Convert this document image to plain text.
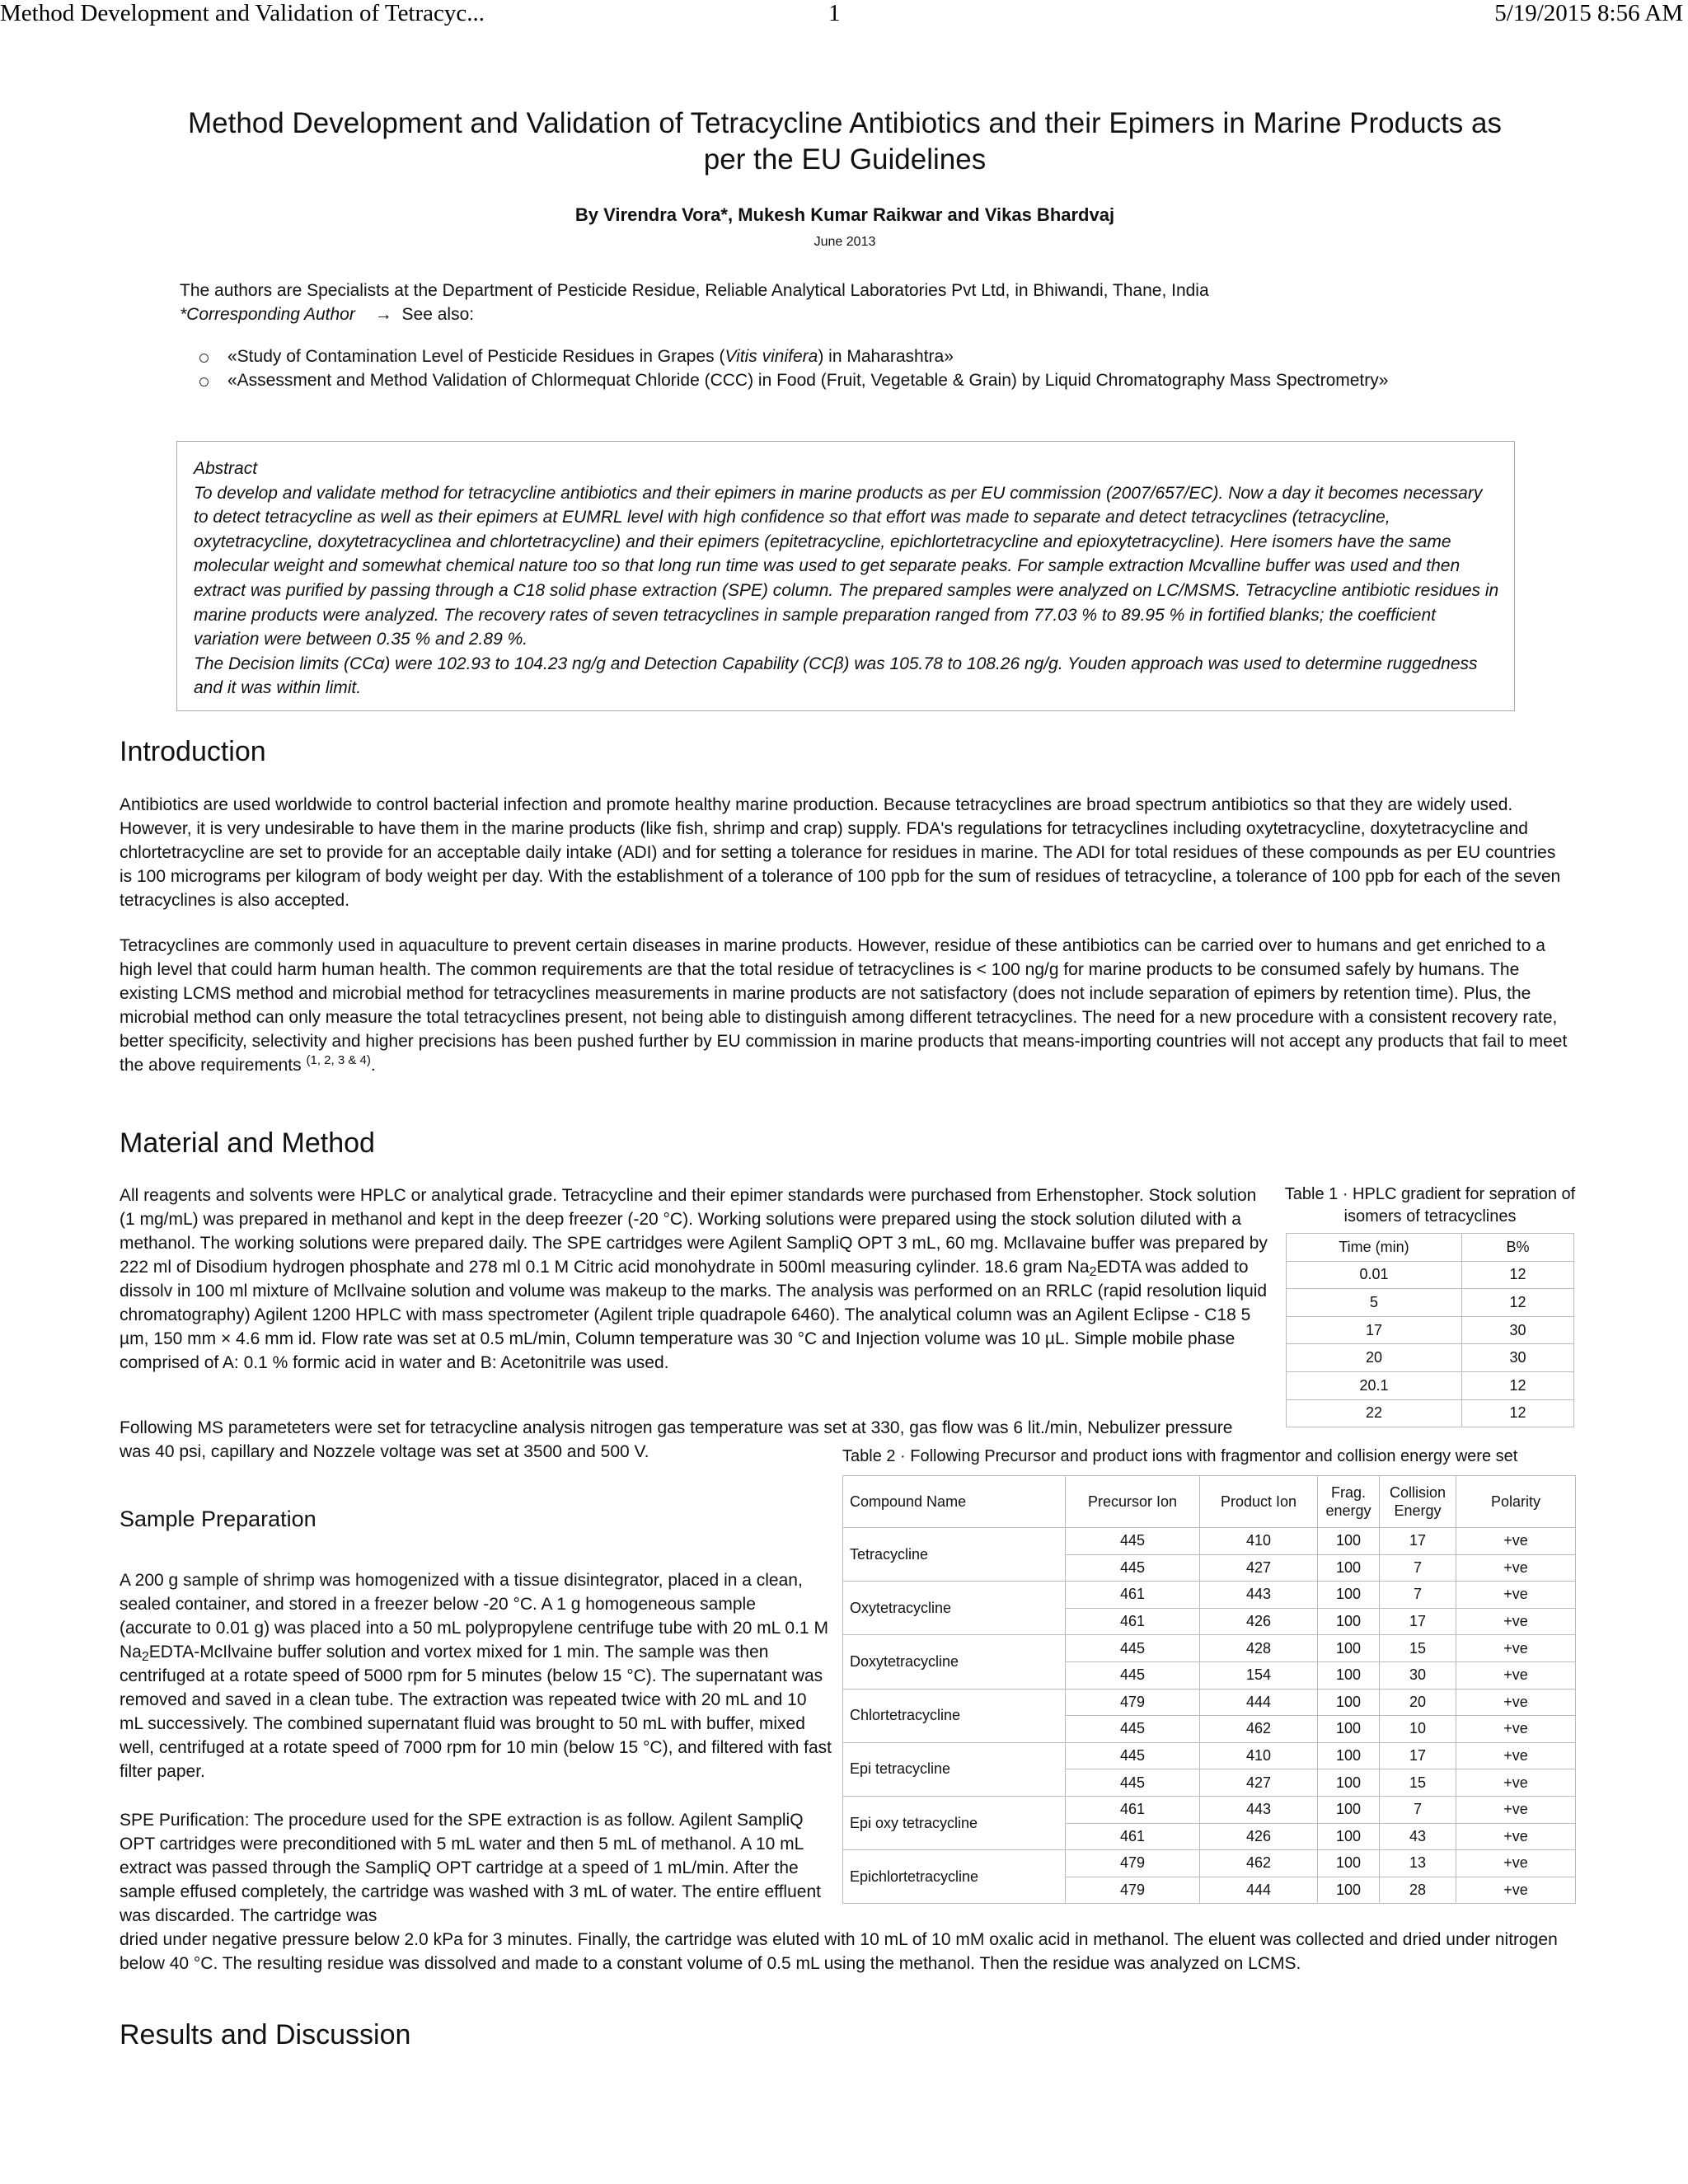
Method Development and Validation of Tetracyc...	1	5/19/2015 8:56 AM
Method Development and Validation of Tetracycline Antibiotics and their Epimers in Marine Products as per the EU Guidelines
By Virendra Vora*, Mukesh Kumar Raikwar and Vikas Bhardvaj
June 2013
The authors are Specialists at the Department of Pesticide Residue, Reliable Analytical Laboratories Pvt Ltd, in Bhiwandi, Thane, India
*Corresponding Author → See also:
«Study of Contamination Level of Pesticide Residues in Grapes (Vitis vinifera) in Maharashtra»
«Assessment and Method Validation of Chlormequat Chloride (CCC) in Food (Fruit, Vegetable & Grain) by Liquid Chromatography Mass Spectrometry»
Abstract
To develop and validate method for tetracycline antibiotics and their epimers in marine products as per EU commission (2007/657/EC). Now a day it becomes necessary to detect tetracycline as well as their epimers at EUMRL level with high confidence so that effort was made to separate and detect tetracyclines (tetracycline, oxytetracycline, doxytetracyclinea and chlortetracycline) and their epimers (epitetracycline, epichlortetracycline and epioxytetracycline). Here isomers have the same molecular weight and somewhat chemical nature too so that long run time was used to get separate peaks. For sample extraction Mcvalline buffer was used and then extract was purified by passing through a C18 solid phase extraction (SPE) column. The prepared samples were analyzed on LC/MSMS. Tetracycline antibiotic residues in marine products were analyzed. The recovery rates of seven tetracyclines in sample preparation ranged from 77.03 % to 89.95 % in fortified blanks; the coefficient variation were between 0.35 % and 2.89 %.
The Decision limits (CCα) were 102.93 to 104.23 ng/g and Detection Capability (CCβ) was 105.78 to 108.26 ng/g. Youden approach was used to determine ruggedness and it was within limit.
Introduction
Antibiotics are used worldwide to control bacterial infection and promote healthy marine production. Because tetracyclines are broad spectrum antibiotics so that they are widely used. However, it is very undesirable to have them in the marine products (like fish, shrimp and crap) supply. FDA's regulations for tetracyclines including oxytetracycline, doxytetracycline and chlortetracycline are set to provide for an acceptable daily intake (ADI) and for setting a tolerance for residues in marine. The ADI for total residues of these compounds as per EU countries is 100 micrograms per kilogram of body weight per day. With the establishment of a tolerance of 100 ppb for the sum of residues of tetracycline, a tolerance of 100 ppb for each of the seven tetracyclines is also accepted.
Tetracyclines are commonly used in aquaculture to prevent certain diseases in marine products. However, residue of these antibiotics can be carried over to humans and get enriched to a high level that could harm human health. The common requirements are that the total residue of tetracyclines is < 100 ng/g for marine products to be consumed safely by humans. The existing LCMS method and microbial method for tetracyclines measurements in marine products are not satisfactory (does not include separation of epimers by retention time). Plus, the microbial method can only measure the total tetracyclines present, not being able to distinguish among different tetracyclines. The need for a new procedure with a consistent recovery rate, better specificity, selectivity and higher precisions has been pushed further by EU commission in marine products that means-importing countries will not accept any products that fail to meet the above requirements $^{(1, 2, 3 \& 4)}$.
Material and Method
All reagents and solvents were HPLC or analytical grade. Tetracycline and their epimer standards were purchased from Erhenstopher. Stock solution (1 mg/mL) was prepared in methanol and kept in the deep freezer (-20 °C). Working solutions were prepared using the stock solution diluted with a methanol. The working solutions were prepared daily. The SPE cartridges were Agilent SampliQ OPT 3 mL, 60 mg. McIlavaine buffer was prepared by 222 ml of Disodium hydrogen phosphate and 278 ml 0.1 M Citric acid monohydrate in 500ml measuring cylinder. 18.6 gram $Na_2EDTA$ was added to dissolv in 100 ml mixture of McIlvaine solution and volume was makeup to the marks. The analysis was performed on an RRLC (rapid resolution liquid chromatography) Agilent 1200 HPLC with mass spectrometer (Agilent triple quadrapole 6460). The analytical column was an Agilent Eclipse - C18 5 µm, 150 mm × 4.6 mm id. Flow rate was set at 0.5 mL/min, Column temperature was 30 °C and Injection volume was 10 µL. Simple mobile phase comprised of A: 0.1 % formic acid in water and B: Acetonitrile was used.
Following MS parameteters were set for tetracycline analysis nitrogen gas temperature was set at 330, gas flow was 6 lit./min, Nebulizer pressure was 40 psi, capillary and Nozzele voltage was set at 3500 and 500 V.
Sample Preparation
A 200 g sample of shrimp was homogenized with a tissue disintegrator, placed in a clean, sealed container, and stored in a freezer below -20 °C. A 1 g homogeneous sample (accurate to 0.01 g) was placed into a 50 mL polypropylene centrifuge tube with 20 mL 0.1 M $Na_2EDTA$-McIlvaine buffer solution and vortex mixed for 1 min. The sample was then centrifuged at a rotate speed of 5000 rpm for 5 minutes (below 15 °C). The supernatant was removed and saved in a clean tube. The extraction was repeated twice with 20 mL and 10 mL successively. The combined supernatant fluid was brought to 50 mL with buffer, mixed well, centrifuged at a rotate speed of 7000 rpm for 10 min (below 15 °C), and filtered with fast filter paper.
SPE Purification: The procedure used for the SPE extraction is as follow. Agilent SampliQ OPT cartridges were preconditioned with 5 mL water and then 5 mL of methanol. A 10 mL extract was passed through the SampliQ OPT cartridge at a speed of 1 mL/min. After the sample effused completely, the cartridge was washed with 3 mL of water. The entire effluent was discarded. The cartridge was
dried under negative pressure below 2.0 kPa for 3 minutes. Finally, the cartridge was eluted with 10 mL of 10 mM oxalic acid in methanol. The eluent was collected and dried under nitrogen below 40 °C. The resulting residue was dissolved and made to a constant volume of 0.5 mL using the methanol. Then the residue was analyzed on LCMS.
Results and Discussion
Table 1 · HPLC gradient for sepration of isomers of tetracyclines
Time (min)	B%
0.01	12
5	12
17	30
20	30
20.1	12
22	12
Table 2 · Following Precursor and product ions with fragmentor and collision energy were set
Compound Name	Precursor Ion	Product Ion	Frag. energy	Collision Energy	Polarity
Tetracycline	445	410	100	17	+ve
	445	427	100	7	+ve
Oxytetracycline	461	443	100	7	+ve
	461	426	100	17	+ve
Doxytetracycline	445	428	100	15	+ve
	445	154	100	30	+ve
Chlortetracycline	479	444	100	20	+ve
	445	462	100	10	+ve
Epi tetracycline	445	410	100	17	+ve
	445	427	100	15	+ve
Epi oxy tetracycline	461	443	100	7	+ve
	461	426	100	43	+ve
Epichlortetracycline	479	462	100	13	+ve
	479	444	100	28	+ve
